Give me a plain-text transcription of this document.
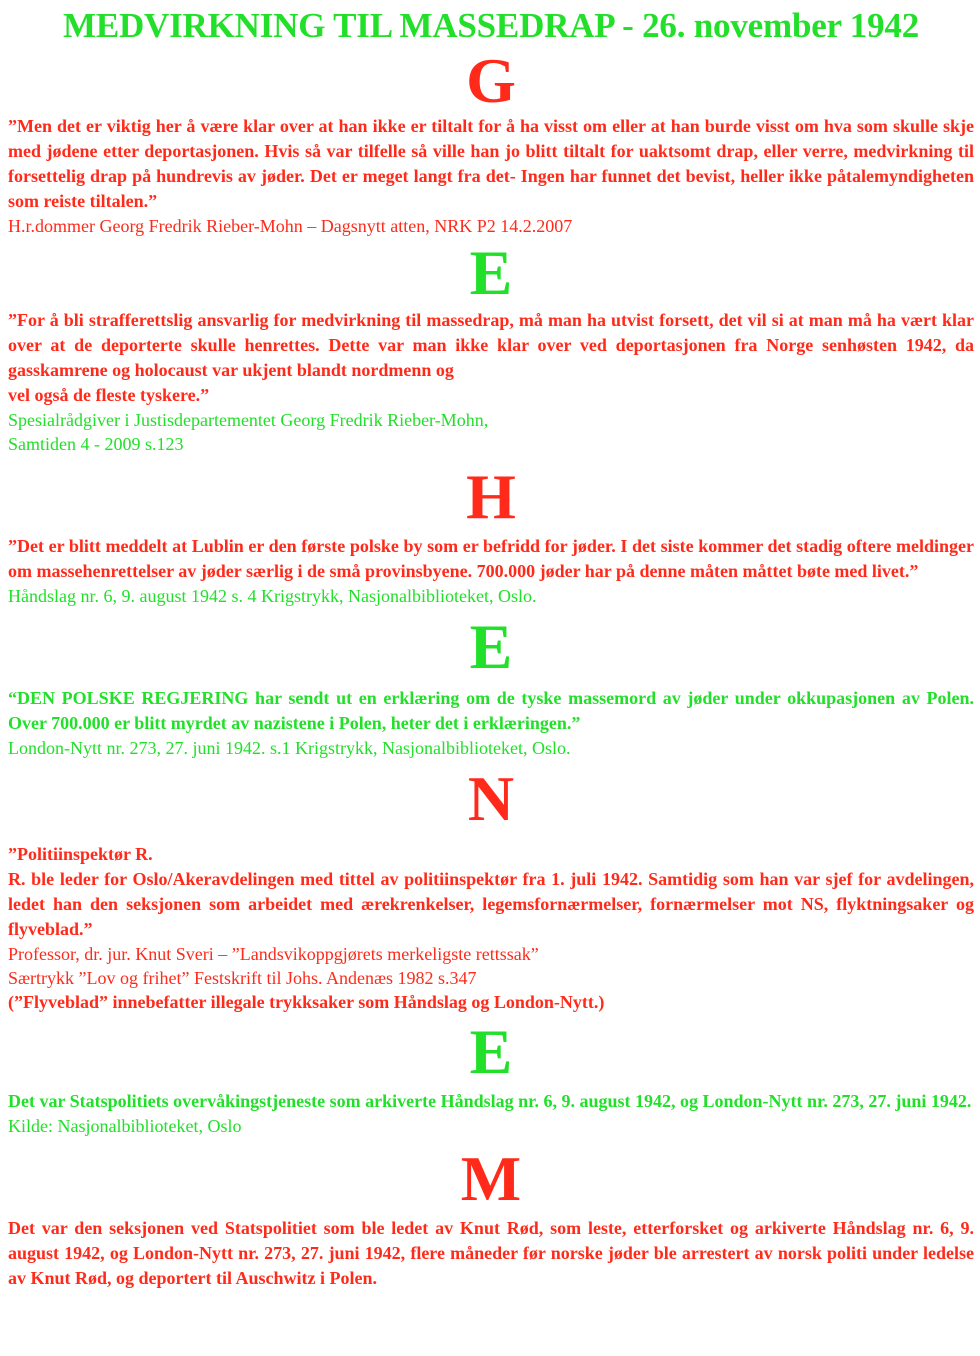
MEDVIRKNING TIL MASSEDRAP - 26. november 1942
G

”Men det er viktig her å være klar over at han ikke er tiltalt for å ha visst om eller at han burde visst om hva som skulle skje med jødene etter deportasjonen. Hvis så var tilfelle så ville han jo blitt tiltalt for uaktsomt drap, eller verre, medvirkning til forsettelig drap på hundrevis av jøder. Det er meget langt fra det- Ingen har funnet det bevist, heller ikke påtalemyndigheten som reiste tiltalen.”

H.r.dommer Georg Fredrik Rieber-Mohn – Dagsnytt atten, NRK P2 14.2.2007

E

”For å bli strafferettslig ansvarlig for medvirkning til massedrap, må man ha utvist forsett, det vil si at man må ha vært klar over at de deporterte skulle henrettes. Dette var man ikke klar over ved deportasjonen fra Norge senhøsten 1942, da gasskamrene og holocaust var ukjent blandt nordmenn og
vel også de fleste tyskere.”

Spesialrådgiver i Justisdepartementet Georg Fredrik Rieber-Mohn,
Samtiden 4 - 2009 s.123

H

”Det er blitt meddelt at Lublin er den første polske by som er befridd for jøder. I det siste kommer det stadig oftere meldinger om massehenrettelser av jøder særlig i de små provinsbyene. 700.000 jøder har på denne måten måttet bøte med livet.”

Håndslag nr. 6, 9. august 1942 s. 4 Krigstrykk, Nasjonalbiblioteket, Oslo.

E

“DEN POLSKE REGJERING har sendt ut en erklæring om de tyske massemord av jøder under okkupasjonen av Polen. Over 700.000 er blitt myrdet av nazistene i Polen, heter det i erklæringen.”

London-Nytt nr. 273, 27. juni 1942. s.1 Krigstrykk, Nasjonalbiblioteket, Oslo.

N

”Politiinspektør R.
R. ble leder for Oslo/Akeravdelingen med tittel av politiinspektør fra 1. juli 1942. Samtidig som han var sjef for avdelingen, ledet han den seksjonen som arbeidet med ærekrenkelser, legemsfornærmelser, fornærmelser mot NS, flyktningsaker og flyveblad.”

Professor, dr. jur. Knut Sveri – ”Landsvikoppgjørets merkeligste rettssak”
Særtrykk ”Lov og frihet” Festskrift til Johs. Andenæs 1982 s.347

(”Flyveblad” innebefatter illegale trykksaker som Håndslag og London-Nytt.)

E

Det var Statspolitiets overvåkingstjeneste som arkiverte Håndslag nr. 6, 9. august 1942, og London-Nytt nr. 273, 27. juni 1942.

Kilde: Nasjonalbiblioteket, Oslo

M

Det var den seksjonen ved Statspolitiet som ble ledet av Knut Rød, som leste, etterforsket og arkiverte Håndslag nr. 6, 9. august 1942, og London-Nytt nr. 273, 27. juni 1942, flere måneder før norske jøder ble arrestert av norsk politi under ledelse av Knut Rød, og deportert til Auschwitz i Polen.
